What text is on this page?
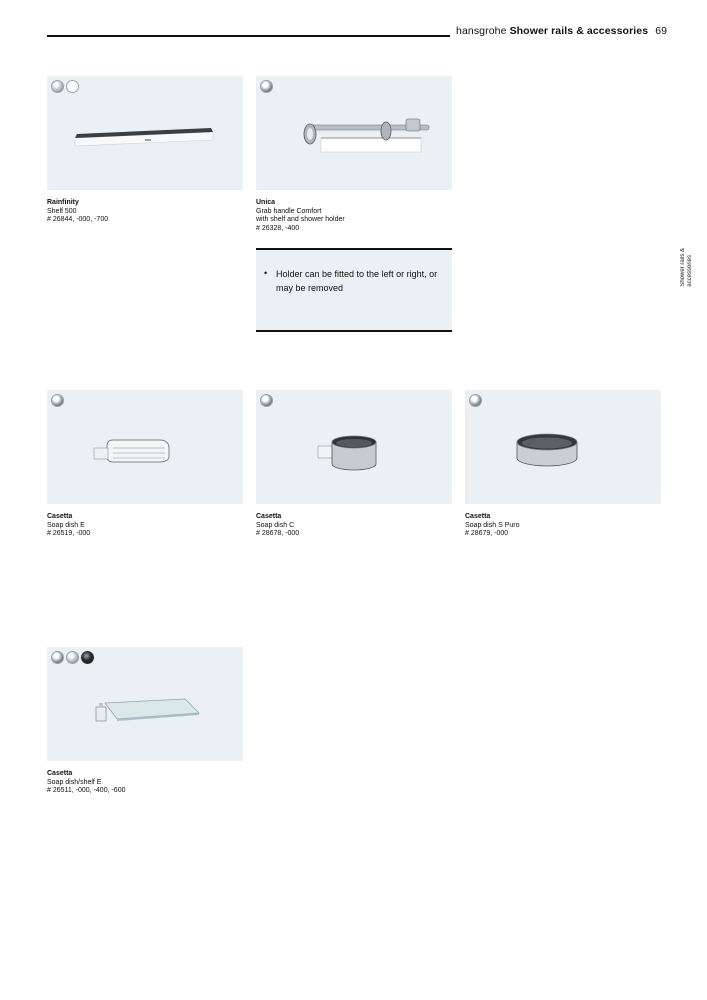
hansgrohe Shower rails & accessories 69
Shower rails &
accessories
Rainfinity
Shelf 500
# 26844, -000, -700
Unica
Grab handle Comfort
with shelf and shower holder
# 26328, -400
• Holder can be fitted to the left or right, or may be removed
Casetta
Soap dish E
# 26519, -000
Casetta
Soap dish C
# 28678, -000
Casetta
Soap dish S Puro
# 28679, -000
Casetta
Soap dish/shelf E
# 26511, -000, -400, -600
